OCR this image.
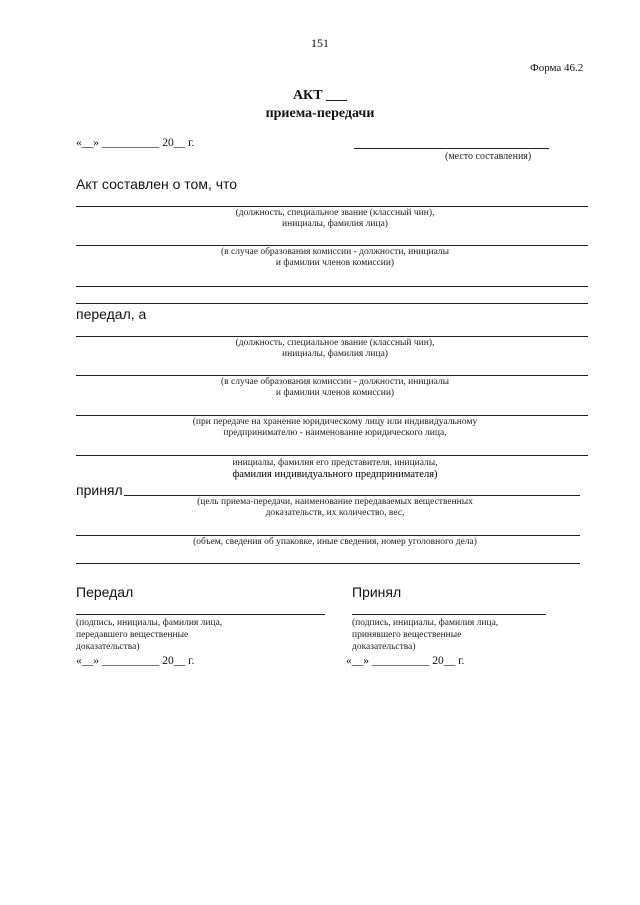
151
Форма 46.2
АКТ ___
приема-передачи
«__» __________ 20__ г.
(место составления)
Акт составлен о том, что
(должность, специальное звание (классный чин),
инициалы, фамилия лица)
(в случае образования комиссии - должности, инициалы
и фамилии членов комиссии)
передал, а
(должность, специальное звание (классный чин),
инициалы, фамилия лица)
(в случае образования комиссии - должности, инициалы
и фамилии членов комиссии)
(при передаче на хранение юридическому лицу или индивидуальному
предпринимателю - наименование юридического лица,
инициалы, фамилия его представителя, инициалы,
фамилия индивидуального предпринимателя)
принял
(цель приема-передачи, наименование передаваемых вещественных
доказательств, их количество, вес,
(объем, сведения об упаковке, иные сведения, номер уголовного дела)
Передал	Принял
(подпись, инициалы, фамилия лица,
передавшего вещественные
доказательства)
(подпись, инициалы, фамилия лица,
принявшего вещественные
доказательства)
«__» __________ 20__ г.	«__» __________ 20__ г.
